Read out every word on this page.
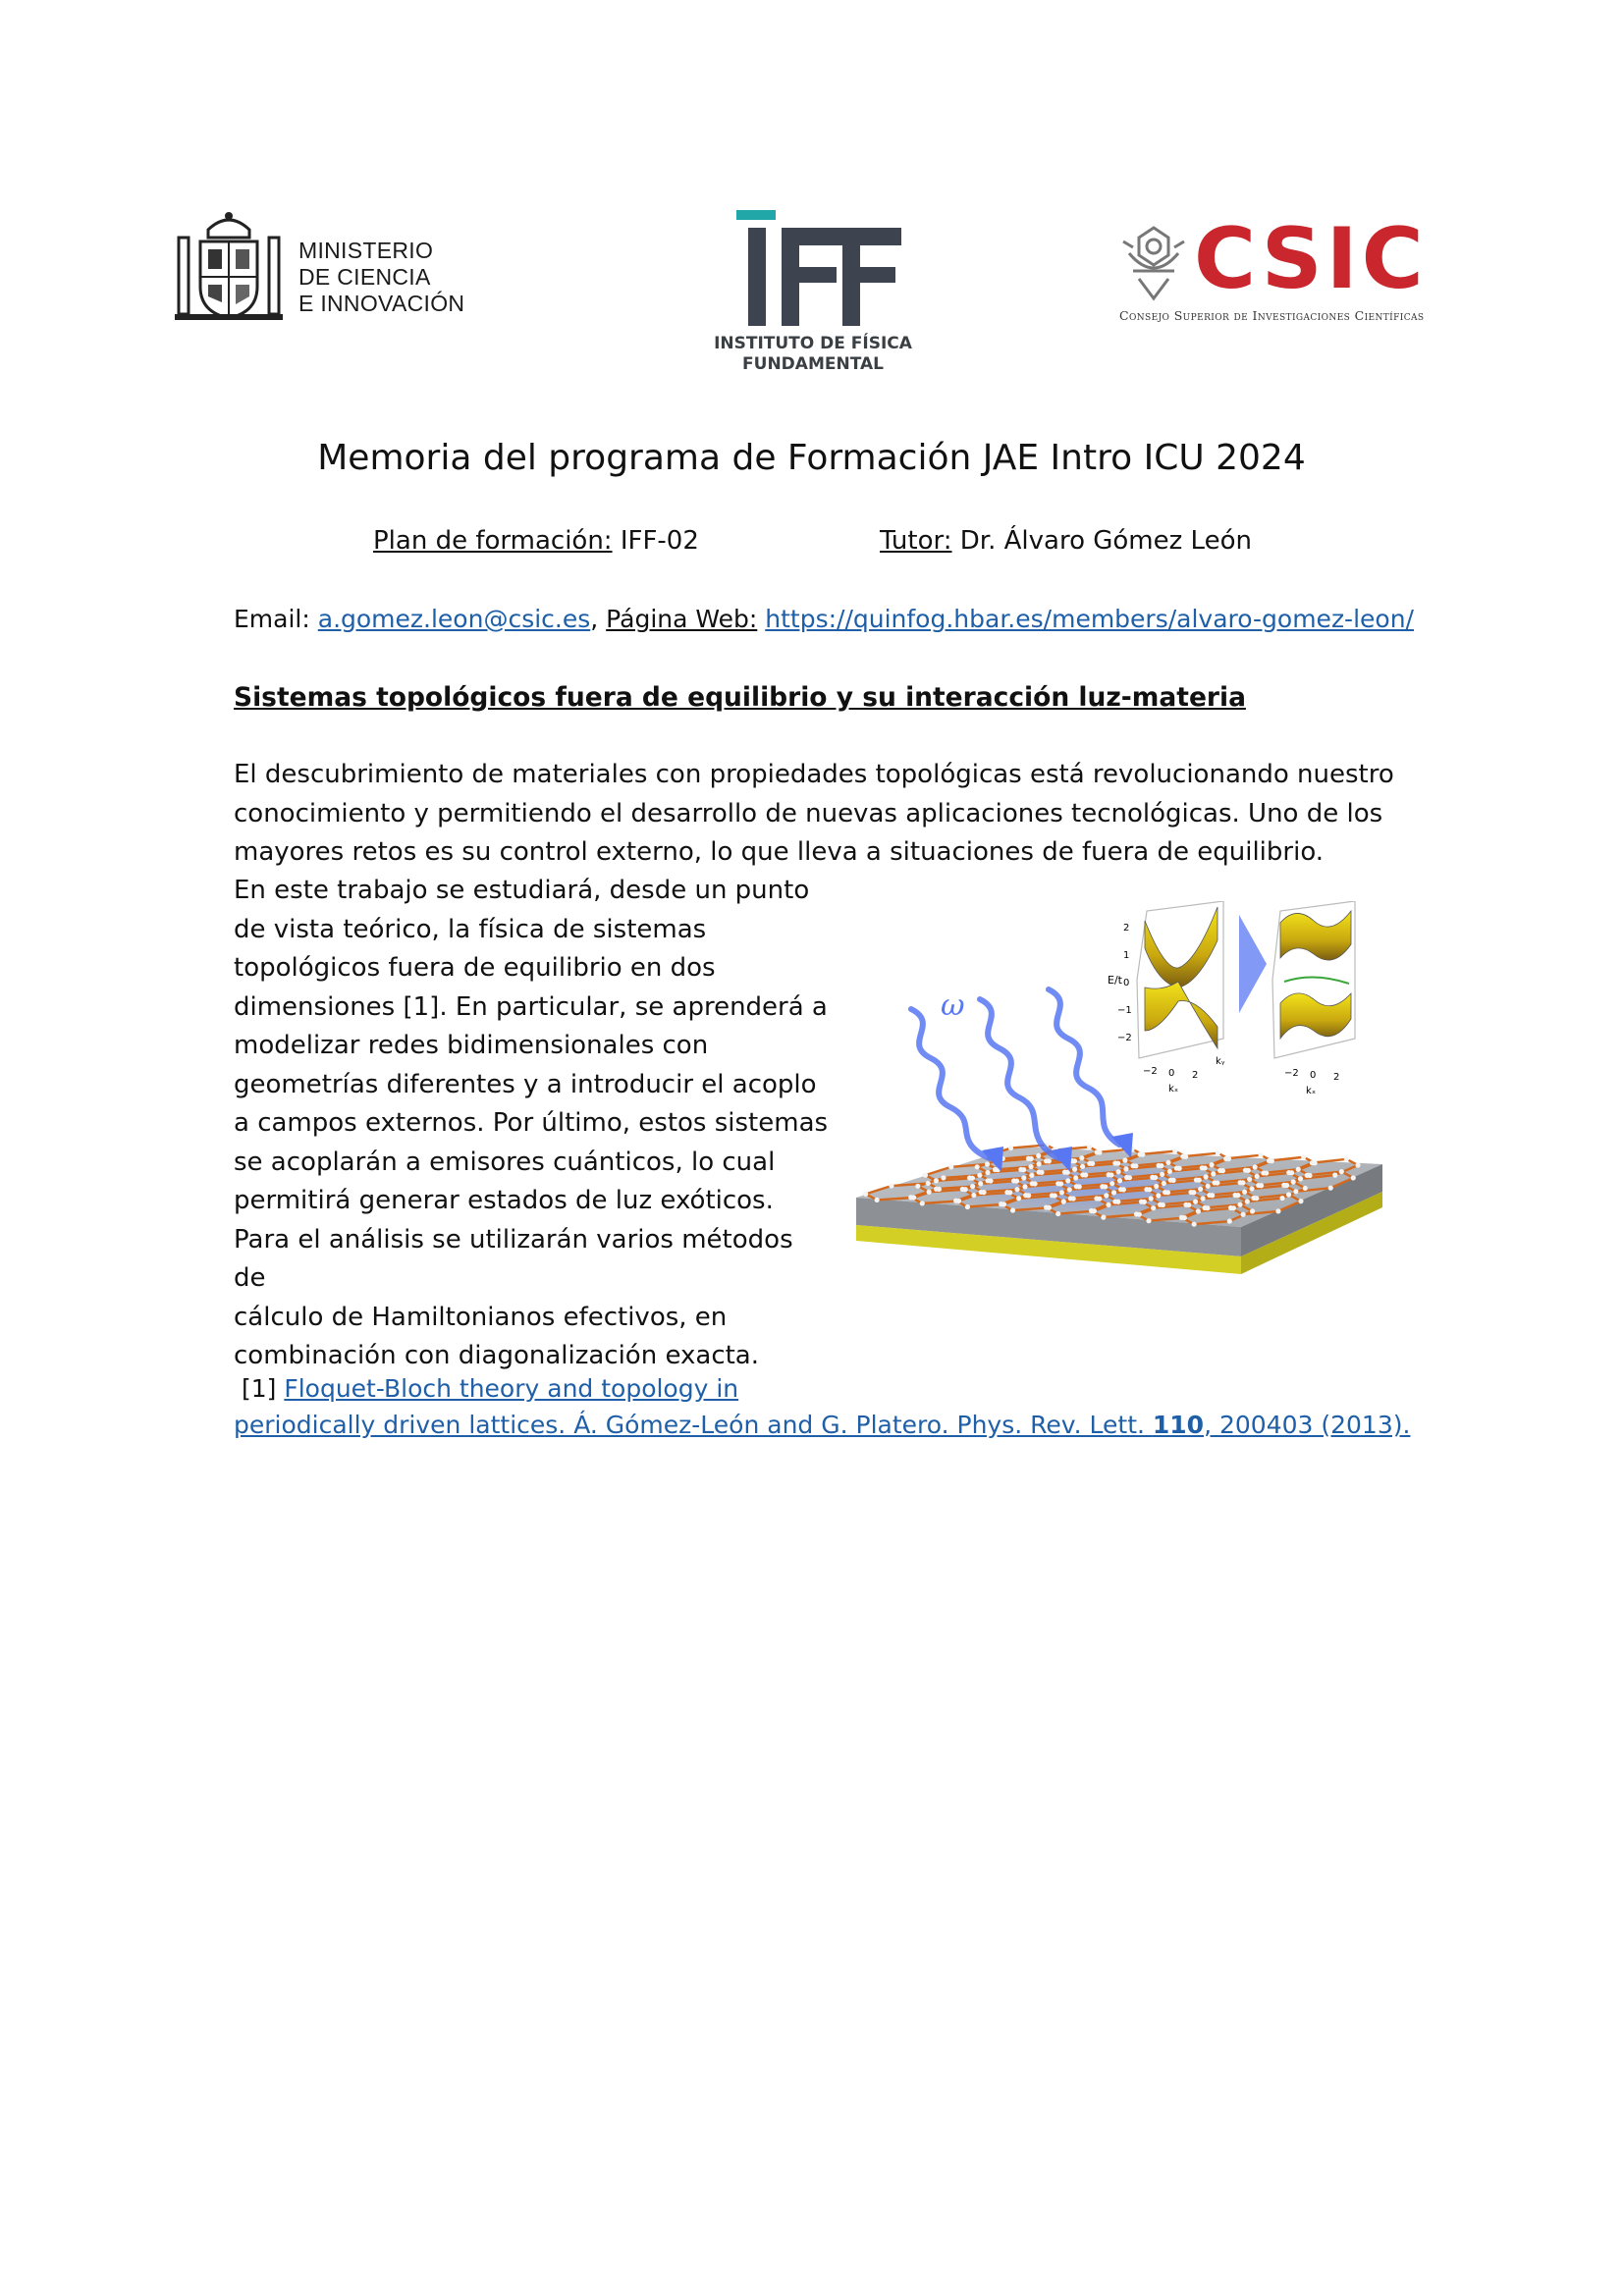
MINISTERIO
DE CIENCIA
E INNOVACIÓN
INSTITUTO DE FÍSICA
FUNDAMENTAL
CSIC
Consejo Superior de Investigaciones Científicas
Memoria del programa de Formación JAE Intro ICU 2024
Plan de formación: IFF-02	Tutor: Dr. Álvaro Gómez León
Email: a.gomez.leon@csic.es, Página Web: https://quinfog.hbar.es/members/alvaro-gomez-leon/
Sistemas topológicos fuera de equilibrio y su interacción luz-materia
El descubrimiento de materiales con propiedades topológicas está revolucionando nuestro
conocimiento y permitiendo el desarrollo de nuevas aplicaciones tecnológicas. Uno de los
mayores retos es su control externo, lo que lleva a situaciones de fuera de equilibrio.
En este trabajo se estudiará, desde un punto
de vista teórico, la física de sistemas
topológicos fuera de equilibrio en dos
dimensiones [1]. En particular, se aprenderá a
modelizar redes bidimensionales con
geometrías diferentes y a introducir el acoplo
a campos externos. Por último, estos sistemas
se acoplarán a emisores cuánticos, lo cual
permitirá generar estados de luz exóticos.
Para el análisis se utilizarán varios métodos de
cálculo de Hamiltonianos efectivos, en
combinación con diagonalización exacta.
ω
E/t
2
1
0
−1
−2
−2 0 2
kₓ
kᵧ
−2 0 2
kₓ
[1] Floquet-Bloch theory and topology in
periodically driven lattices. Á. Gómez-León and G. Platero. Phys. Rev. Lett. 110, 200403 (2013).
